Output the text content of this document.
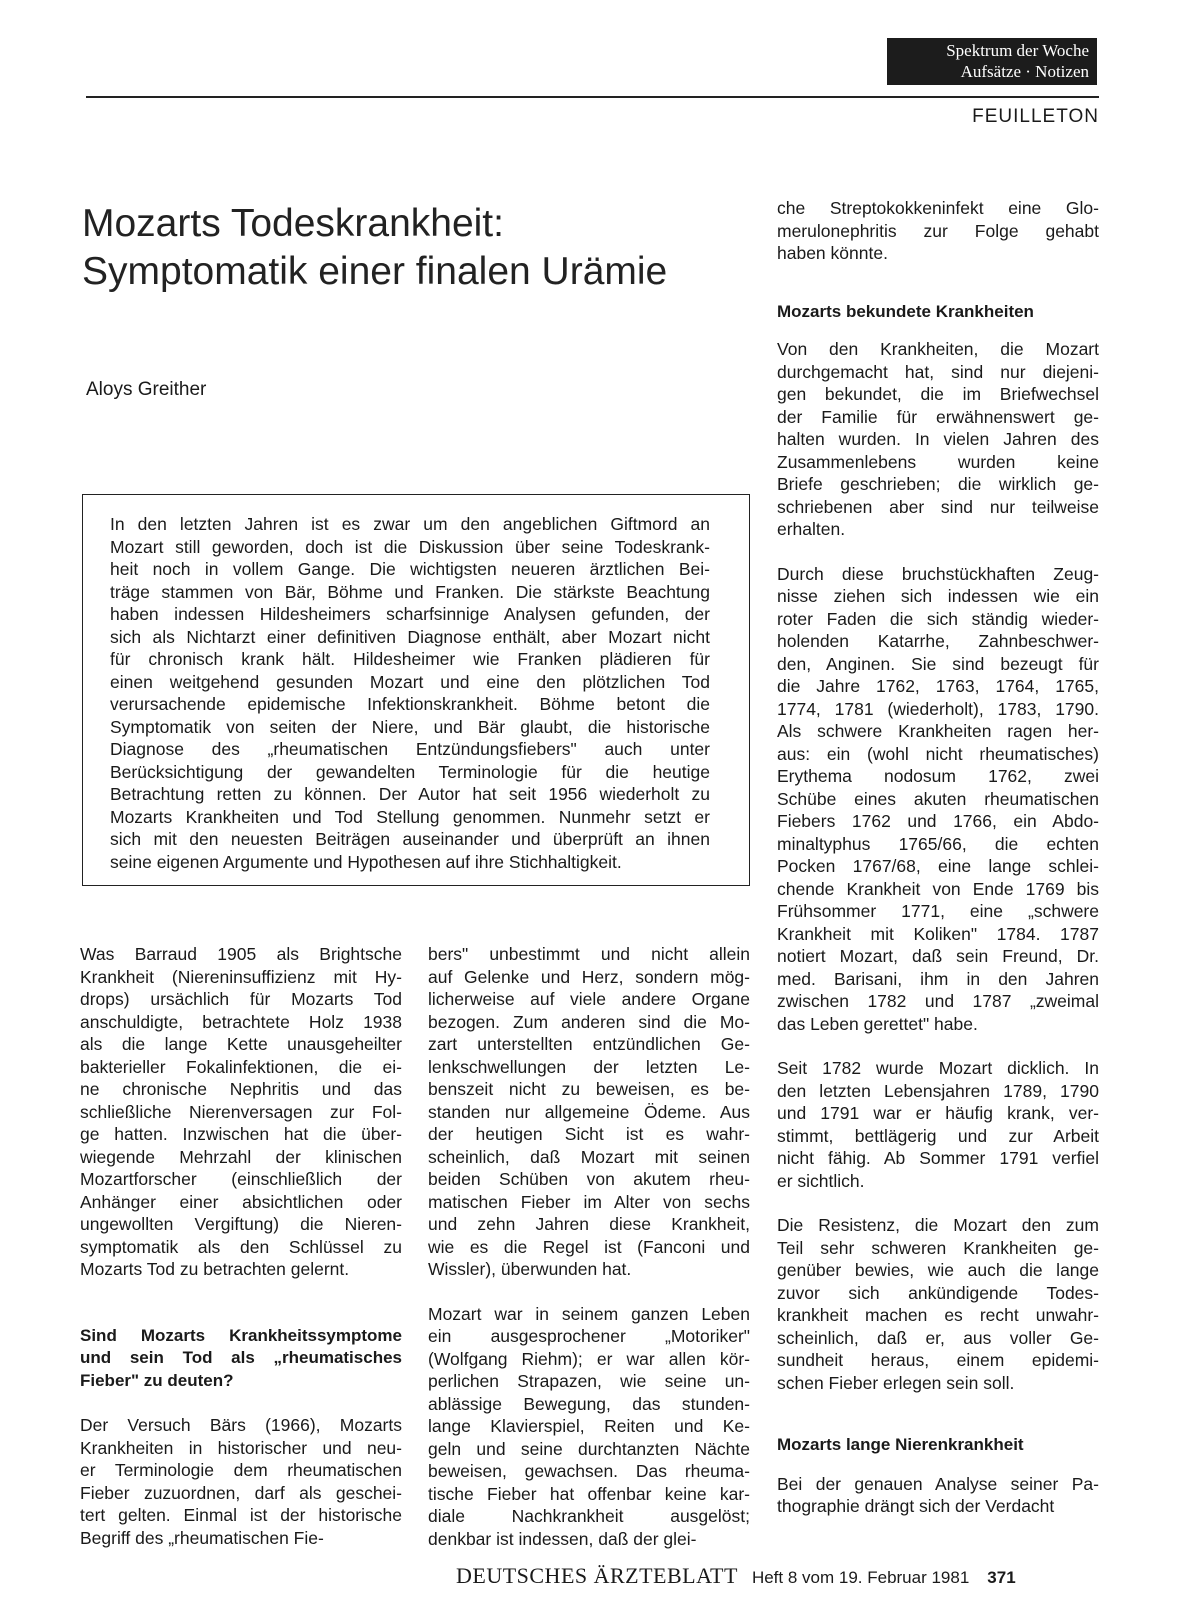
Spektrum der Woche
Aufsätze · Notizen
FEUILLETON
Mozarts Todeskrankheit:
Symptomatik einer finalen Urämie
Aloys Greither
In den letzten Jahren ist es zwar um den angeblichen Giftmord an
Mozart still geworden, doch ist die Diskussion über seine Todeskrank-
heit noch in vollem Gange. Die wichtigsten neueren ärztlichen Bei-
träge stammen von Bär, Böhme und Franken. Die stärkste Beachtung
haben indessen Hildesheimers scharfsinnige Analysen gefunden, der
sich als Nichtarzt einer definitiven Diagnose enthält, aber Mozart nicht
für chronisch krank hält. Hildesheimer wie Franken plädieren für
einen weitgehend gesunden Mozart und eine den plötzlichen Tod
verursachende epidemische Infektionskrankheit. Böhme betont die
Symptomatik von seiten der Niere, und Bär glaubt, die historische
Diagnose des „rheumatischen Entzündungsfiebers" auch unter
Berücksichtigung der gewandelten Terminologie für die heutige
Betrachtung retten zu können. Der Autor hat seit 1956 wiederholt zu
Mozarts Krankheiten und Tod Stellung genommen. Nunmehr setzt er
sich mit den neuesten Beiträgen auseinander und überprüft an ihnen
seine eigenen Argumente und Hypothesen auf ihre Stichhaltigkeit.
Was Barraud 1905 als Brightsche
Krankheit (Niereninsuffizienz mit Hy-
drops) ursächlich für Mozarts Tod
anschuldigte, betrachtete Holz 1938
als die lange Kette unausgeheilter
bakterieller Fokalinfektionen, die ei-
ne chronische Nephritis und das
schließliche Nierenversagen zur Fol-
ge hatten. Inzwischen hat die über-
wiegende Mehrzahl der klinischen
Mozartforscher (einschließlich der
Anhänger einer absichtlichen oder
ungewollten Vergiftung) die Nieren-
symptomatik als den Schlüssel zu
Mozarts Tod zu betrachten gelernt.
Sind Mozarts Krankheitssymptome
und sein Tod als „rheumatisches
Fieber" zu deuten?
Der Versuch Bärs (1966), Mozarts
Krankheiten in historischer und neu-
er Terminologie dem rheumatischen
Fieber zuzuordnen, darf als geschei-
tert gelten. Einmal ist der historische
Begriff des „rheumatischen Fie-
bers" unbestimmt und nicht allein
auf Gelenke und Herz, sondern mög-
licherweise auf viele andere Organe
bezogen. Zum anderen sind die Mo-
zart unterstellten entzündlichen Ge-
lenkschwellungen der letzten Le-
benszeit nicht zu beweisen, es be-
standen nur allgemeine Ödeme. Aus
der heutigen Sicht ist es wahr-
scheinlich, daß Mozart mit seinen
beiden Schüben von akutem rheu-
matischen Fieber im Alter von sechs
und zehn Jahren diese Krankheit,
wie es die Regel ist (Fanconi und
Wissler), überwunden hat.
Mozart war in seinem ganzen Leben
ein ausgesprochener „Motoriker"
(Wolfgang Riehm); er war allen kör-
perlichen Strapazen, wie seine un-
ablässige Bewegung, das stunden-
lange Klavierspiel, Reiten und Ke-
geln und seine durchtanzten Nächte
beweisen, gewachsen. Das rheuma-
tische Fieber hat offenbar keine kar-
diale Nachkrankheit ausgelöst;
denkbar ist indessen, daß der glei-
che Streptokokkeninfekt eine Glo-
merulonephritis zur Folge gehabt
haben könnte.
Mozarts bekundete Krankheiten
Von den Krankheiten, die Mozart
durchgemacht hat, sind nur diejeni-
gen bekundet, die im Briefwechsel
der Familie für erwähnenswert ge-
halten wurden. In vielen Jahren des
Zusammenlebens wurden keine
Briefe geschrieben; die wirklich ge-
schriebenen aber sind nur teilweise
erhalten.
Durch diese bruchstückhaften Zeug-
nisse ziehen sich indessen wie ein
roter Faden die sich ständig wieder-
holenden Katarrhe, Zahnbeschwer-
den, Anginen. Sie sind bezeugt für
die Jahre 1762, 1763, 1764, 1765,
1774, 1781 (wiederholt), 1783, 1790.
Als schwere Krankheiten ragen her-
aus: ein (wohl nicht rheumatisches)
Erythema nodosum 1762, zwei
Schübe eines akuten rheumatischen
Fiebers 1762 und 1766, ein Abdo-
minaltyphus 1765/66, die echten
Pocken 1767/68, eine lange schlei-
chende Krankheit von Ende 1769 bis
Frühsommer 1771, eine „schwere
Krankheit mit Koliken" 1784. 1787
notiert Mozart, daß sein Freund, Dr.
med. Barisani, ihm in den Jahren
zwischen 1782 und 1787 „zweimal
das Leben gerettet" habe.
Seit 1782 wurde Mozart dicklich. In
den letzten Lebensjahren 1789, 1790
und 1791 war er häufig krank, ver-
stimmt, bettlägerig und zur Arbeit
nicht fähig. Ab Sommer 1791 verfiel
er sichtlich.
Die Resistenz, die Mozart den zum
Teil sehr schweren Krankheiten ge-
genüber bewies, wie auch die lange
zuvor sich ankündigende Todes-
krankheit machen es recht unwahr-
scheinlich, daß er, aus voller Ge-
sundheit heraus, einem epidemi-
schen Fieber erlegen sein soll.
Mozarts lange Nierenkrankheit
Bei der genauen Analyse seiner Pa-
thographie drängt sich der Verdacht
DEUTSCHES ÄRZTEBLATT Heft 8 vom 19. Februar 1981 371
